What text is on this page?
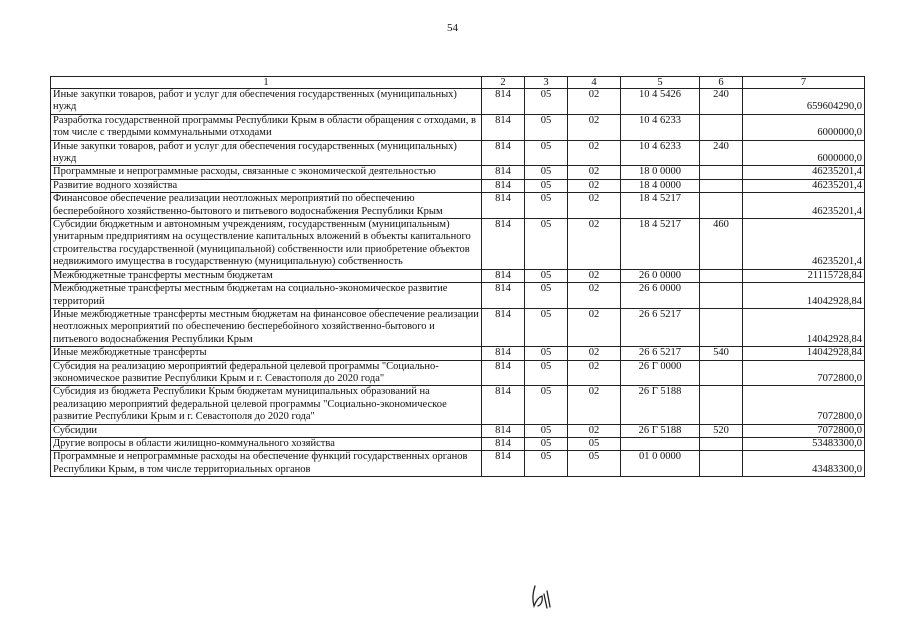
54
1	2	3	4	5	6	7
Иные закупки товаров, работ и услуг для обеспечения государственных (муниципальных) нужд	814	05	02	10 4 5426	240	659604290,0
Разработка государственной программы Республики Крым в области обращения с отходами, в том числе с твердыми коммунальными отходами	814	05	02	10 4 6233		6000000,0
Иные закупки товаров, работ и услуг для обеспечения государственных (муниципальных) нужд	814	05	02	10 4 6233	240	6000000,0
Программные и непрограммные расходы, связанные с экономической деятельностью	814	05	02	18 0 0000		46235201,4
Развитие водного хозяйства	814	05	02	18 4 0000		46235201,4
Финансовое обеспечение реализации неотложных мероприятий по обеспечению бесперебойного хозяйственно-бытового и питьевого водоснабжения Республики Крым	814	05	02	18 4 5217		46235201,4
Субсидии бюджетным и автономным учреждениям, государственным (муниципальным) унитарным предприятиям на осуществление капитальных вложений в объекты капитального строительства государственной (муниципальной) собственности или приобретение объектов недвижимого имущества в государственную (муниципальную) собственность	814	05	02	18 4 5217	460	46235201,4
Межбюджетные трансферты местным бюджетам	814	05	02	26 0 0000		21115728,84
Межбюджетные трансферты местным бюджетам на социально-экономическое развитие территорий	814	05	02	26 6 0000		14042928,84
Иные межбюджетные трансферты местным бюджетам на финансовое обеспечение реализации неотложных мероприятий по обеспечению бесперебойного хозяйственно-бытового и питьевого водоснабжения Республики Крым	814	05	02	26 6 5217		14042928,84
Иные межбюджетные трансферты	814	05	02	26 6 5217	540	14042928,84
Субсидия на реализацию мероприятий федеральной целевой программы "Социально-экономическое развитие Республики Крым и г. Севастополя до 2020 года"	814	05	02	26 Г 0000		7072800,0
Субсидия из бюджета Республики Крым бюджетам муниципальных образований на реализацию мероприятий федеральной целевой программы "Социально-экономическое развитие Республики Крым и г. Севастополя до 2020 года"	814	05	02	26 Г 5188		7072800,0
Субсидии	814	05	02	26 Г 5188	520	7072800,0
Другие вопросы в области жилищно-коммунального хозяйства	814	05	05			53483300,0
Программные и непрограммные расходы на обеспечение функций государственных органов Республики Крым, в том числе территориальных органов	814	05	05	01 0 0000		43483300,0
